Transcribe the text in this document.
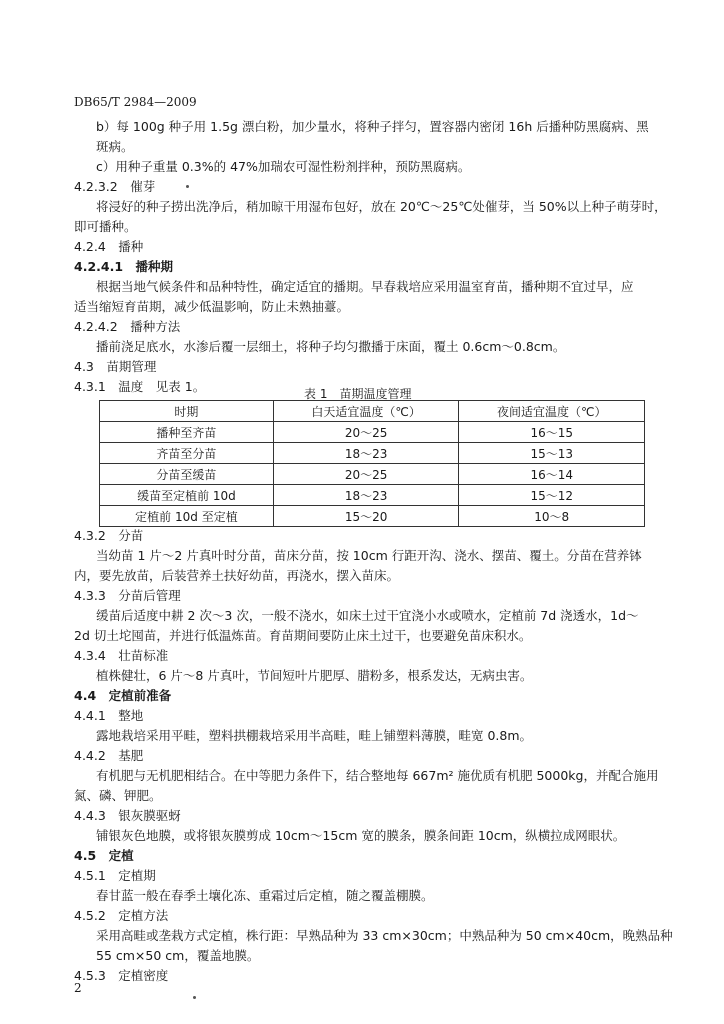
DB65/T 2984—2009
b）每 100g 种子用 1.5g 漂白粉，加少量水，将种子拌匀，置容器内密闭 16h 后播种防黑腐病、黑
斑病。
c）用种子重量 0.3%的 47%加瑞农可湿性粉剂拌种，预防黑腐病。
4.2.3.2　催芽
将浸好的种子捞出洗净后，稍加晾干用湿布包好，放在 20℃～25℃处催芽，当 50%以上种子萌芽时，
即可播种。
4.2.4　播种
4.2.4.1　播种期
根据当地气候条件和品种特性，确定适宜的播期。早春栽培应采用温室育苗，播种期不宜过早，应
适当缩短育苗期，减少低温影响，防止未熟抽薹。
4.2.4.2　播种方法
播前浇足底水，水渗后覆一层细土，将种子均匀撒播于床面，覆土 0.6cm～0.8cm。
4.3　苗期管理
4.3.1　温度　见表 1。	表 1　苗期温度管理
时期	白天适宜温度（℃）	夜间适宜温度（℃）
播种至齐苗	20～25	16～15
齐苗至分苗	18～23	15～13
分苗至缓苗	20～25	16～14
缓苗至定植前 10d	18～23	15～12
定植前 10d 至定植	15～20	10～8
4.3.2　分苗
当幼苗 1 片～2 片真叶时分苗，苗床分苗，按 10cm 行距开沟、浇水、摆苗、覆土。分苗在营养钵
内，要先放苗，后装营养土扶好幼苗，再浇水，摆入苗床。
4.3.3　分苗后管理
缓苗后适度中耕 2 次～3 次，一般不浇水，如床土过干宜浇小水或喷水，定植前 7d 浇透水，1d～
2d 切土坨囤苗，并进行低温炼苗。育苗期间要防止床土过干，也要避免苗床积水。
4.3.4　壮苗标准
植株健壮，6 片～8 片真叶，节间短叶片肥厚、腊粉多，根系发达，无病虫害。
4.4　定植前准备
4.4.1　整地
露地栽培采用平畦，塑料拱棚栽培采用半高畦，畦上铺塑料薄膜，畦宽 0.8m。
4.4.2　基肥
有机肥与无机肥相结合。在中等肥力条件下，结合整地每 667m² 施优质有机肥 5000kg，并配合施用
氮、磷、钾肥。
4.4.3　银灰膜驱蚜
铺银灰色地膜，或将银灰膜剪成 10cm～15cm 宽的膜条，膜条间距 10cm，纵横拉成网眼状。
4.5　定植
4.5.1　定植期
春甘蓝一般在春季土壤化冻、重霜过后定植，随之覆盖棚膜。
4.5.2　定植方法
采用高畦或垄栽方式定植，株行距：早熟品种为 33 cm×30cm；中熟品种为 50 cm×40cm，晚熟品种
55 cm×50 cm，覆盖地膜。
4.5.3　定植密度
2
